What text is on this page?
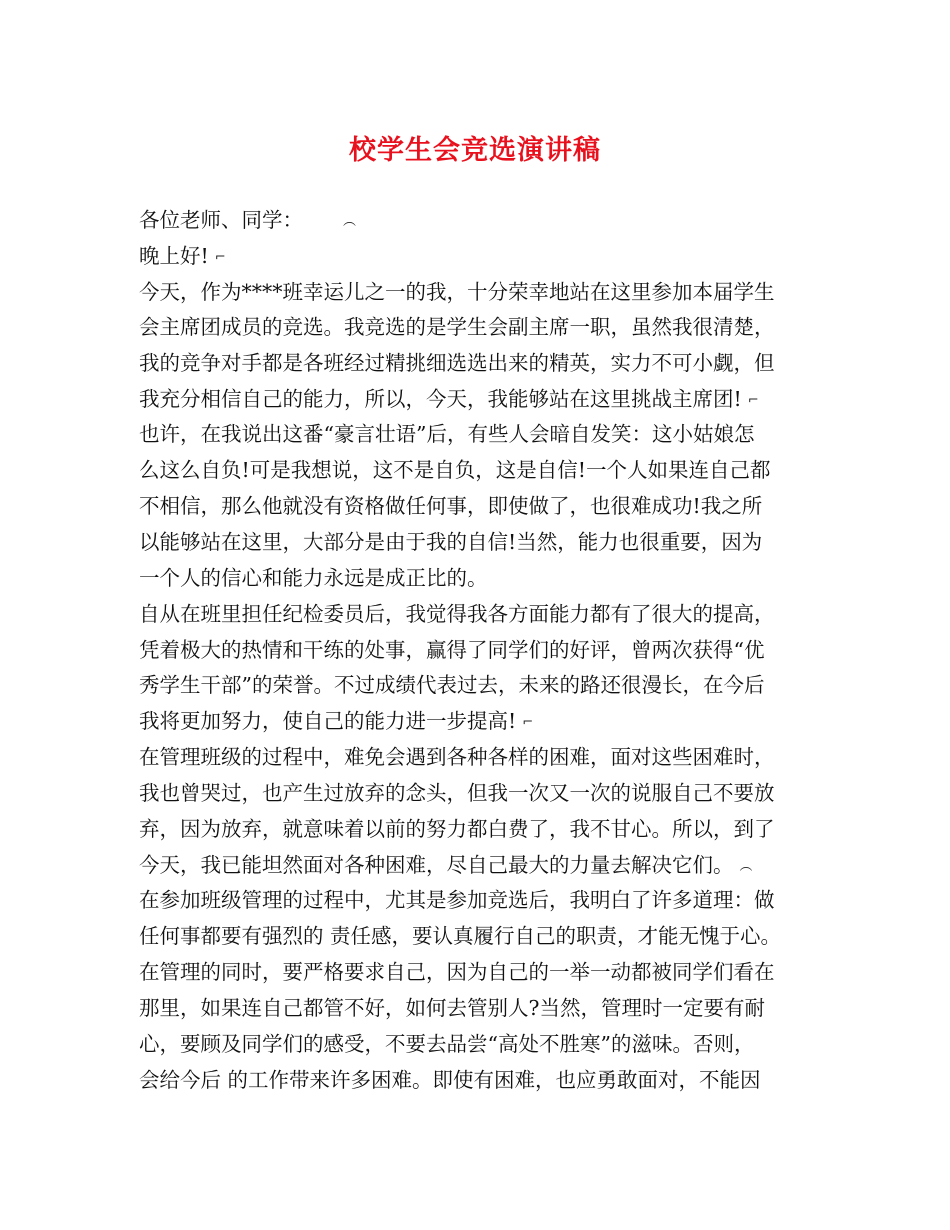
校学生会竞选演讲稿
各位老师、同学：	︵
晚上好! ⌐
今天，作为****班幸运儿之一的我，十分荣幸地站在这里参加本届学生
会主席团成员的竞选。我竞选的是学生会副主席一职，虽然我很清楚，
我的竞争对手都是各班经过精挑细选选出来的精英，实力不可小觑，但
我充分相信自己的能力，所以，今天，我能够站在这里挑战主席团! ⌐
也许，在我说出这番“豪言壮语”后，有些人会暗自发笑：这小姑娘怎
么这么自负!可是我想说，这不是自负，这是自信!一个人如果连自己都
不相信，那么他就没有资格做任何事，即使做了，也很难成功!我之所
以能够站在这里，大部分是由于我的自信!当然，能力也很重要，因为
一个人的信心和能力永远是成正比的。
自从在班里担任纪检委员后，我觉得我各方面能力都有了很大的提高，
凭着极大的热情和干练的处事，赢得了同学们的好评，曾两次获得“优
秀学生干部”的荣誉。不过成绩代表过去，未来的路还很漫长，在今后
我将更加努力，使自己的能力进一步提高! ⌐
在管理班级的过程中，难免会遇到各种各样的困难，面对这些困难时，
我也曾哭过，也产生过放弃的念头，但我一次又一次的说服自己不要放
弃，因为放弃，就意味着以前的努力都白费了，我不甘心。所以，到了
今天，我已能坦然面对各种困难，尽自己最大的力量去解决它们。 ︵
在参加班级管理的过程中，尤其是参加竞选后，我明白了许多道理：做
任何事都要有强烈的 责任感，要认真履行自己的职责，才能无愧于心。
在管理的同时，要严格要求自己，因为自己的一举一动都被同学们看在
那里，如果连自己都管不好，如何去管别人?当然，管理时一定要有耐
心，要顾及同学们的感受，不要去品尝“高处不胜寒”的滋味。否则，
会给今后 的工作带来许多困难。即使有困难，也应勇敢面对，不能因
